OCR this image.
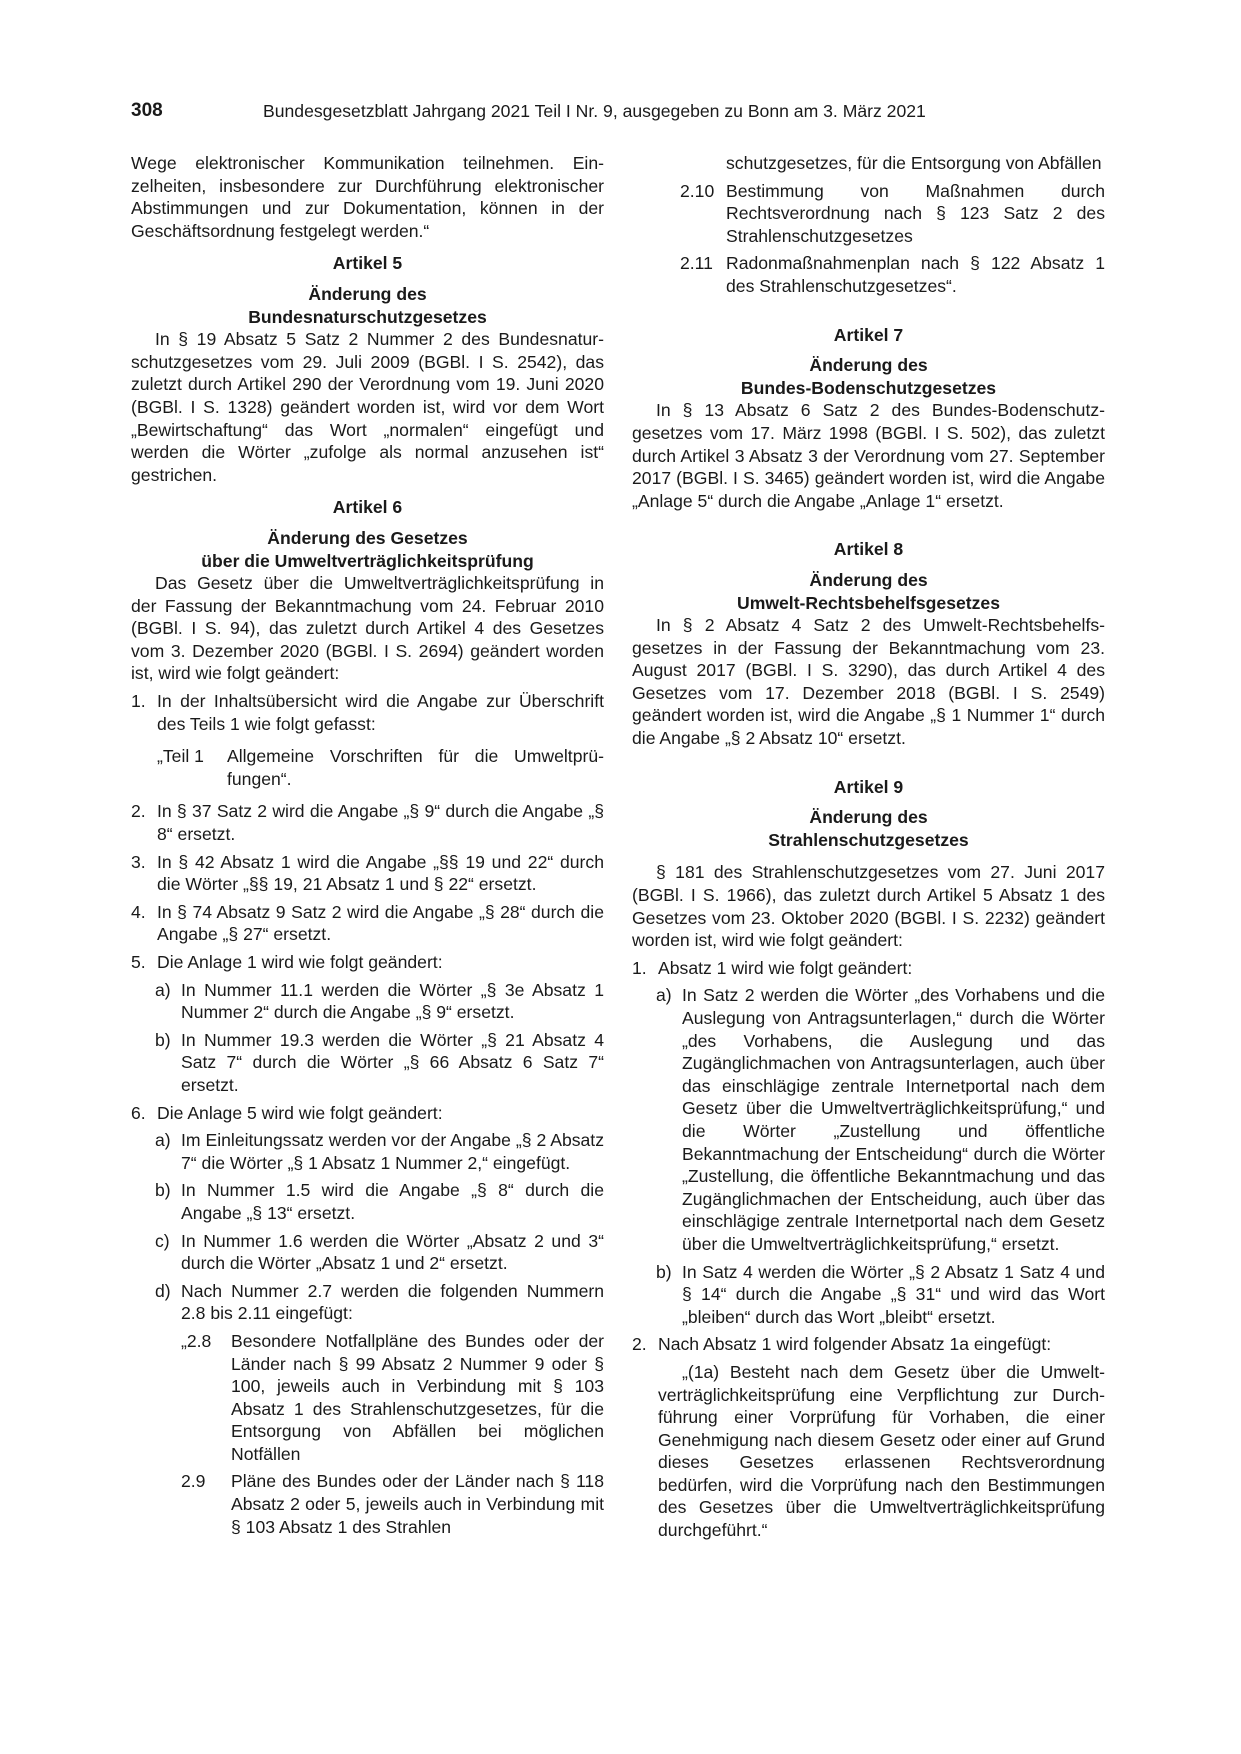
308	Bundesgesetzblatt Jahrgang 2021 Teil I Nr. 9, ausgegeben zu Bonn am 3. März 2021

Wege elektronischer Kommunikation teilnehmen. Einzelheiten, insbesondere zur Durchführung elektronischer Abstimmungen und zur Dokumentation, können in der Geschäftsordnung festgelegt werden.“

Artikel 5
Änderung des
Bundesnaturschutzgesetzes

In § 19 Absatz 5 Satz 2 Nummer 2 des Bundesnaturschutzgesetzes vom 29. Juli 2009 (BGBl. I S. 2542), das zuletzt durch Artikel 290 der Verordnung vom 19. Juni 2020 (BGBl. I S. 1328) geändert worden ist, wird vor dem Wort „Bewirtschaftung“ das Wort „normalen“ eingefügt und werden die Wörter „zufolge als normal anzusehen ist“ gestrichen.

Artikel 6
Änderung des Gesetzes
über die Umweltverträglichkeitsprüfung

Das Gesetz über die Umweltverträglichkeitsprüfung in der Fassung der Bekanntmachung vom 24. Februar 2010 (BGBl. I S. 94), das zuletzt durch Artikel 4 des Gesetzes vom 3. Dezember 2020 (BGBl. I S. 2694) geändert worden ist, wird wie folgt geändert:

1. In der Inhaltsübersicht wird die Angabe zur Überschrift des Teils 1 wie folgt gefasst:
„Teil 1 Allgemeine Vorschriften für die Umweltprüfungen“.
2. In § 37 Satz 2 wird die Angabe „§ 9“ durch die Angabe „§ 8“ ersetzt.
3. In § 42 Absatz 1 wird die Angabe „§§ 19 und 22“ durch die Wörter „§§ 19, 21 Absatz 1 und § 22“ ersetzt.
4. In § 74 Absatz 9 Satz 2 wird die Angabe „§ 28“ durch die Angabe „§ 27“ ersetzt.
5. Die Anlage 1 wird wie folgt geändert:
a) In Nummer 11.1 werden die Wörter „§ 3e Absatz 1 Nummer 2“ durch die Angabe „§ 9“ ersetzt.
b) In Nummer 19.3 werden die Wörter „§ 21 Absatz 4 Satz 7“ durch die Wörter „§ 66 Absatz 6 Satz 7“ ersetzt.
6. Die Anlage 5 wird wie folgt geändert:
a) Im Einleitungssatz werden vor der Angabe „§ 2 Absatz 7“ die Wörter „§ 1 Absatz 1 Nummer 2,“ eingefügt.
b) In Nummer 1.5 wird die Angabe „§ 8“ durch die Angabe „§ 13“ ersetzt.
c) In Nummer 1.6 werden die Wörter „Absatz 2 und 3“ durch die Wörter „Absatz 1 und 2“ ersetzt.
d) Nach Nummer 2.7 werden die folgenden Nummern 2.8 bis 2.11 eingefügt:
„2.8 Besondere Notfallpläne des Bundes oder der Länder nach § 99 Absatz 2 Nummer 9 oder § 100, jeweils auch in Verbindung mit § 103 Absatz 1 des Strahlenschutzgesetzes, für die Entsorgung von Abfällen bei möglichen Notfällen
2.9 Pläne des Bundes oder der Länder nach § 118 Absatz 2 oder 5, jeweils auch in Verbindung mit § 103 Absatz 1 des Strahlen
schutzgesetzes, für die Entsorgung von Abfällen
2.10 Bestimmung von Maßnahmen durch Rechtsverordnung nach § 123 Satz 2 des Strahlenschutzgesetzes
2.11 Radonmaßnahmenplan nach § 122 Absatz 1 des Strahlenschutzgesetzes“.
Artikel 7
Änderung des
Bundes-Bodenschutzgesetzes

In § 13 Absatz 6 Satz 2 des Bundes-Bodenschutzgesetzes vom 17. März 1998 (BGBl. I S. 502), das zuletzt durch Artikel 3 Absatz 3 der Verordnung vom 27. September 2017 (BGBl. I S. 3465) geändert worden ist, wird die Angabe „Anlage 5“ durch die Angabe „Anlage 1“ ersetzt.

Artikel 8
Änderung des
Umwelt-Rechtsbehelfsgesetzes

In § 2 Absatz 4 Satz 2 des Umwelt-Rechtsbehelfsgesetzes in der Fassung der Bekanntmachung vom 23. August 2017 (BGBl. I S. 3290), das durch Artikel 4 des Gesetzes vom 17. Dezember 2018 (BGBl. I S. 2549) geändert worden ist, wird die Angabe „§ 1 Nummer 1“ durch die Angabe „§ 2 Absatz 10“ ersetzt.

Artikel 9
Änderung des
Strahlenschutzgesetzes

§ 181 des Strahlenschutzgesetzes vom 27. Juni 2017 (BGBl. I S. 1966), das zuletzt durch Artikel 5 Absatz 1 des Gesetzes vom 23. Oktober 2020 (BGBl. I S. 2232) geändert worden ist, wird wie folgt geändert:

1. Absatz 1 wird wie folgt geändert:
a) In Satz 2 werden die Wörter „des Vorhabens und die Auslegung von Antragsunterlagen,“ durch die Wörter „des Vorhabens, die Auslegung und das Zugänglichmachen von Antragsunterlagen, auch über das einschlägige zentrale Internetportal nach dem Gesetz über die Umweltverträglichkeitsprüfung,“ und die Wörter „Zustellung und öffentliche Bekanntmachung der Entscheidung“ durch die Wörter „Zustellung, die öffentliche Bekanntmachung und das Zugänglichmachen der Entscheidung, auch über das einschlägige zentrale Internetportal nach dem Gesetz über die Umweltverträglichkeitsprüfung,“ ersetzt.
b) In Satz 4 werden die Wörter „§ 2 Absatz 1 Satz 4 und § 14“ durch die Angabe „§ 31“ und wird das Wort „bleiben“ durch das Wort „bleibt“ ersetzt.
2. Nach Absatz 1 wird folgender Absatz 1a eingefügt:
„(1a) Besteht nach dem Gesetz über die Umweltverträglichkeitsprüfung eine Verpflichtung zur Durchführung einer Vorprüfung für Vorhaben, die einer Genehmigung nach diesem Gesetz oder einer auf Grund dieses Gesetzes erlassenen Rechtsverordnung bedürfen, wird die Vorprüfung nach den Bestimmungen des Gesetzes über die Umweltverträglichkeitsprüfung durchgeführt.“
